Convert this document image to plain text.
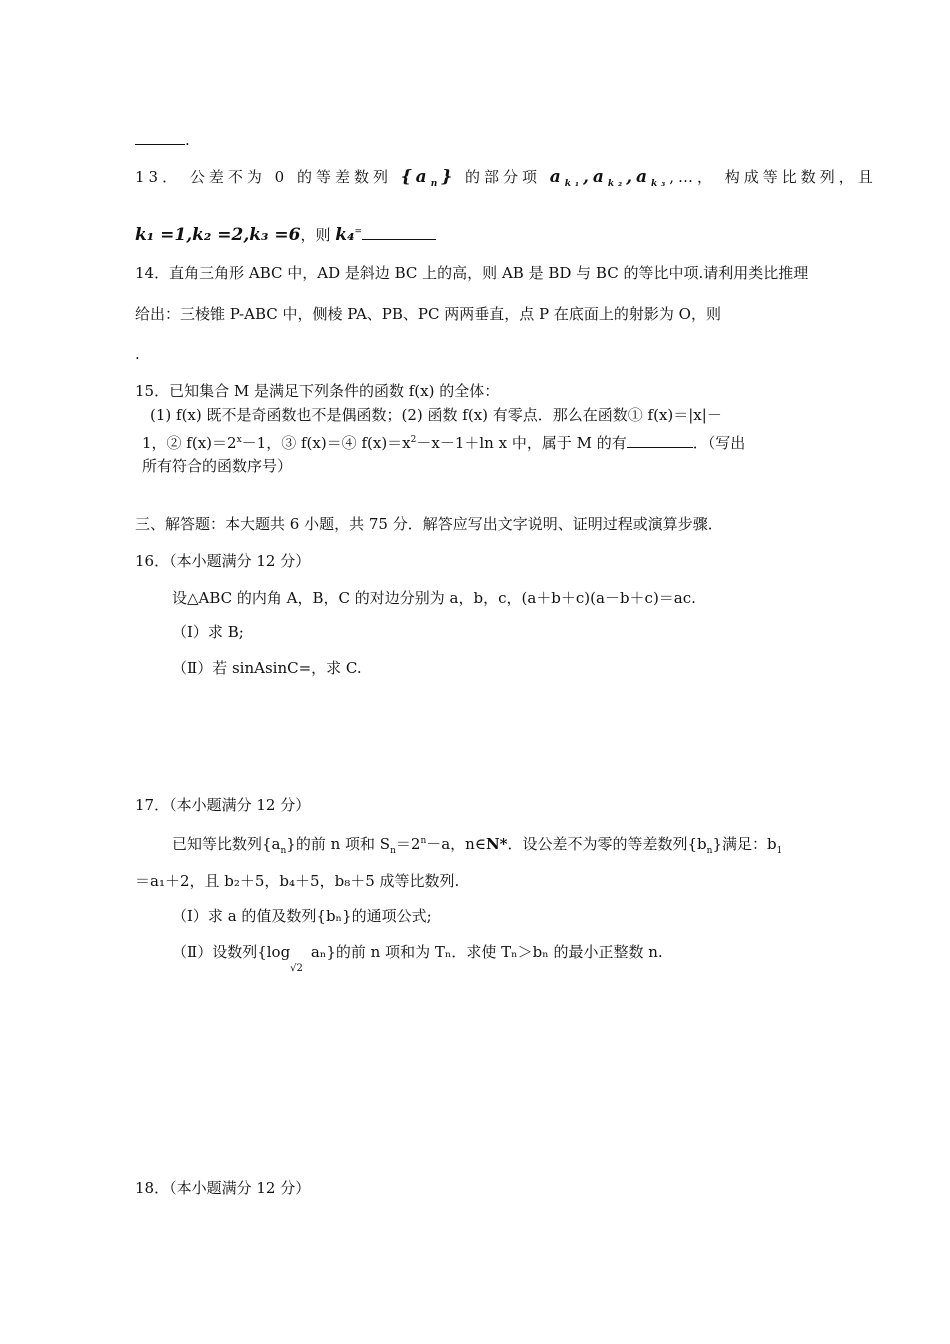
.
13． 公差不为 0 的等差数列 $\{a_n\}$ 的部分项 $a_{k_1},a_{k_2},a_{k_3},\dots$， 构成等比数列，且
k₁ =1,k₂ =2,k₃ =6，则 k₄=
14．直角三角形 ABC 中，AD 是斜边 BC 上的高，则 AB 是 BD 与 BC 的等比中项.请利用类比推理
给出：三棱锥 P-ABC 中，侧棱 PA、PB、PC 两两垂直，点 P 在底面上的射影为 O，则
.
15．已知集合 M 是满足下列条件的函数 f(x) 的全体：
(1) f(x) 既不是奇函数也不是偶函数；(2) 函数 f(x) 有零点．那么在函数① f(x)＝|x|－
1，② $f(x)=2^x-1$，③ f(x)＝④ $f(x)=x^2-x-1+\ln$ x 中，属于 M 的有	．（写出
所有符合的函数序号）
三、解答题：本大题共 6 小题，共 75 分．解答应写出文字说明、证明过程或演算步骤．
16．（本小题满分 12 分）
设△ABC 的内角 A，B，C 的对边分别为 a，b，c，(a＋b＋c)(a－b＋c)＝ac.
（Ⅰ）求 B;
（Ⅱ）若 sinAsinC=，求 C.
17．（本小题满分 12 分）
已知等比数列$\{a_n\}$的前 n 项和 $S_n=2^n-a$，n∈N*．设公差不为零的等差数列$\{b_n\}$满足：$b_1$
＝a₁＋2，且 b₂＋5，b₄＋5，b₈＋5 成等比数列.
（Ⅰ）求 a 的值及数列{bₙ}的通项公式;
（Ⅱ）设数列$\{\log_{√2}a_n\}$的前 n 项和为 Tₙ．求使 Tₙ＞bₙ 的最小正整数 n.
18．（本小题满分 12 分）
